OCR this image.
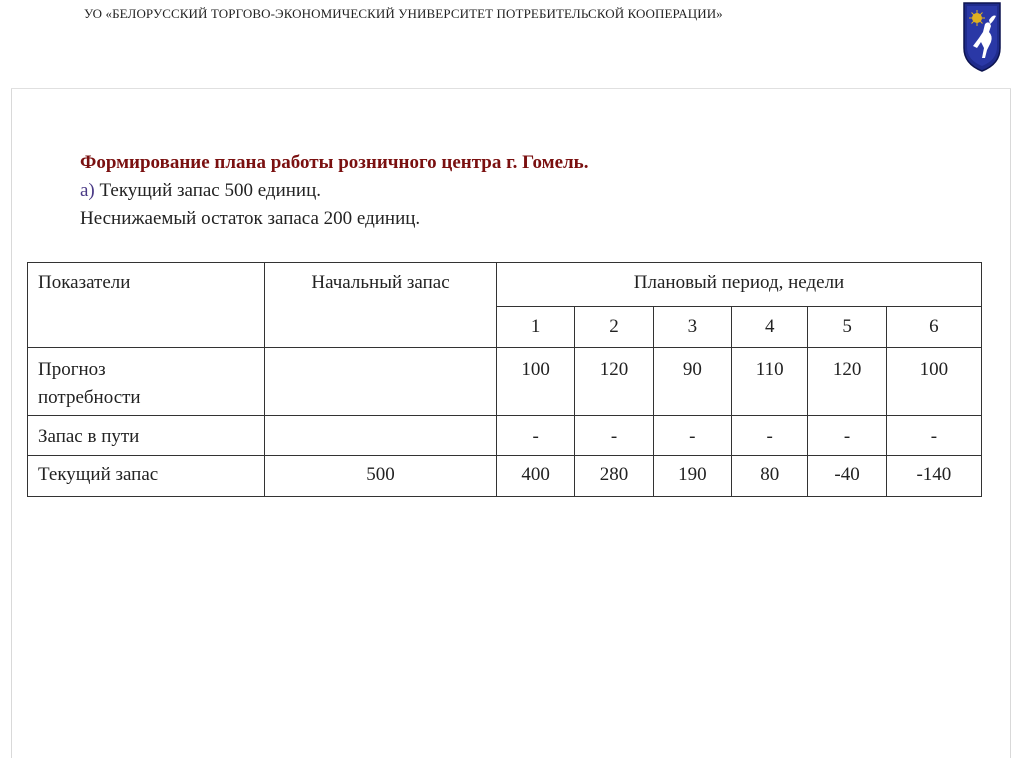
УО «БЕЛОРУССКИЙ ТОРГОВО-ЭКОНОМИЧЕСКИЙ УНИВЕРСИТЕТ ПОТРЕБИТЕЛЬСКОЙ КООПЕРАЦИИ»
Формирование плана работы розничного центра г. Гомель.
а) Текущий запас 500 единиц.
Неснижаемый остаток запаса 200 единиц.
Показатели	Начальный запас	Плановый период, недели					
		1	2	3	4	5	6
Прогноз
потребности		100	120	90	110	120	100
Запас в пути		-	-	-	-	-	-
Текущий запас	500	400	280	190	80	-40	-140
